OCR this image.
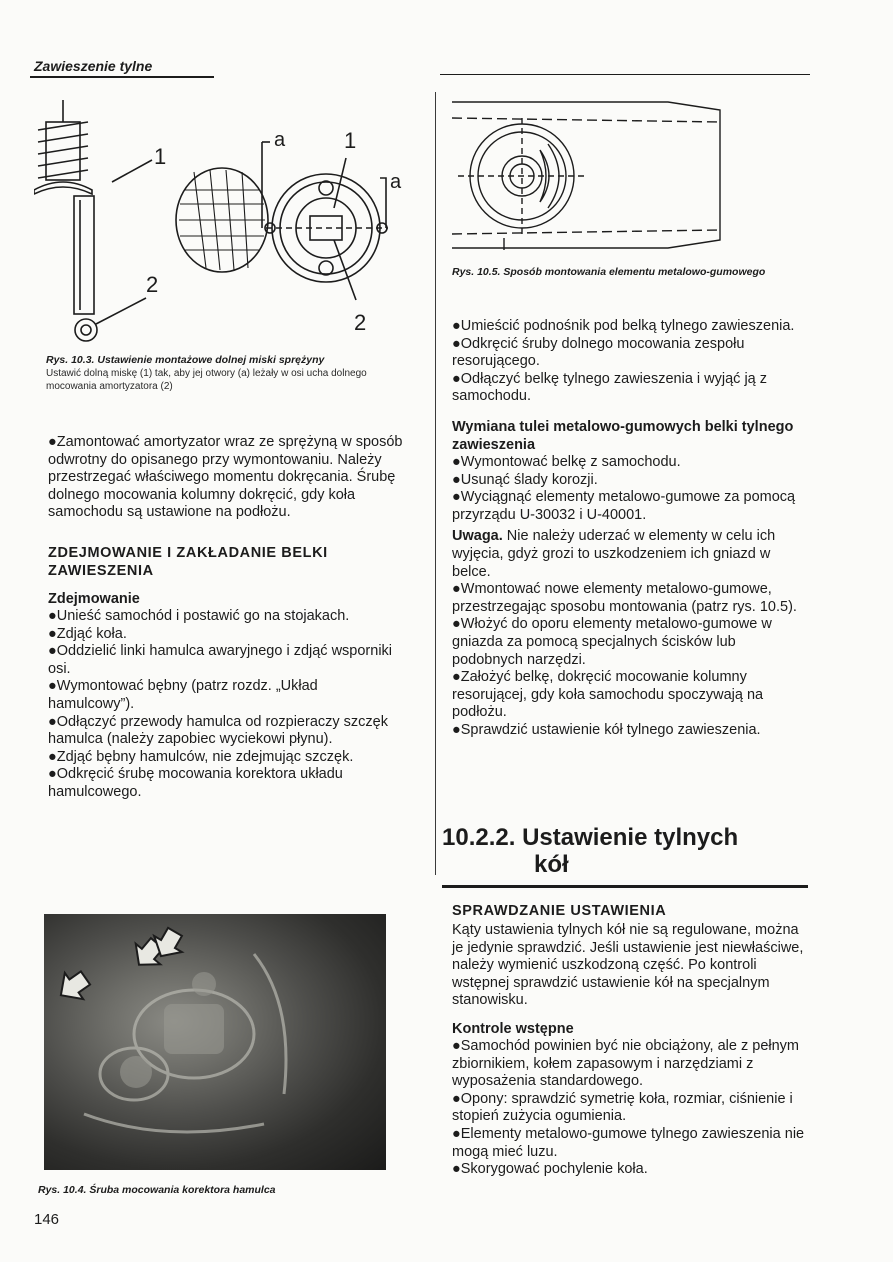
Zawieszenie tylne
1
2
a	1
a
2

Rys. 10.3. Ustawienie montażowe dolnej miski sprężyny

Ustawić dolną miskę (1) tak, aby jej otwory (a) leżały w osi ucha dolnego mocowania amortyzatora (2)

Rys. 10.5. Sposób montowania elementu metalowo-gumowego

●Zamontować amortyzator wraz ze sprężyną w sposób odwrotny do opisanego przy wymontowaniu. Należy przestrzegać właściwego momentu dokręcania. Śrubę dolnego mocowania kolumny dokręcić, gdy koła samochodu są ustawione na podłożu.

ZDEJMOWANIE I ZAKŁADANIE BELKI ZAWIESZENIA

Zdejmowanie

●Unieść samochód i postawić go na stojakach.

●Zdjąć koła.

●Oddzielić linki hamulca awaryjnego i zdjąć wsporniki osi.

●Wymontować bębny (patrz rozdz. „Układ hamulcowy”).

●Odłączyć przewody hamulca od rozpieraczy szczęk hamulca (należy zapobiec wyciekowi płynu).

●Zdjąć bębny hamulców, nie zdejmując szczęk.

●Odkręcić śrubę mocowania korektora układu hamulcowego.

Rys. 10.4. Śruba mocowania korektora hamulca

●Umieścić podnośnik pod belką tylnego zawieszenia.

●Odkręcić śruby dolnego mocowania zespołu resorującego.

●Odłączyć belkę tylnego zawieszenia i wyjąć ją z samochodu.

Wymiana tulei metalowo-gumowych belki tylnego zawieszenia

●Wymontować belkę z samochodu.

●Usunąć ślady korozji.

●Wyciągnąć elementy metalowo-gumowe za pomocą przyrządu U-30032 i U-40001.

Uwaga. Nie należy uderzać w elementy w celu ich wyjęcia, gdyż grozi to uszkodzeniem ich gniazd w belce.

●Wmontować nowe elementy metalowo-gumowe, przestrzegając sposobu montowania (patrz rys. 10.5).

●Włożyć do oporu elementy metalowo-gumowe w gniazda za pomocą specjalnych ścisków lub podobnych narzędzi.

●Założyć belkę, dokręcić mocowanie kolumny resorującej, gdy koła samochodu spoczywają na podłożu.

●Sprawdzić ustawienie kół tylnego zawieszenia.

10.2.2. Ustawienie tylnych
kół

SPRAWDZANIE USTAWIENIA

Kąty ustawienia tylnych kół nie są regulowane, można je jedynie sprawdzić. Jeśli ustawienie jest niewłaściwe, należy wymienić uszkodzoną część. Po kontroli wstępnej sprawdzić ustawienie kół na specjalnym stanowisku.

Kontrole wstępne

●Samochód powinien być nie obciążony, ale z pełnym zbiornikiem, kołem zapasowym i narzędziami z wyposażenia standardowego.

●Opony: sprawdzić symetrię koła, rozmiar, ciśnienie i stopień zużycia ogumienia.

●Elementy metalowo-gumowe tylnego zawieszenia nie mogą mieć luzu.

●Skorygować pochylenie koła.

146
